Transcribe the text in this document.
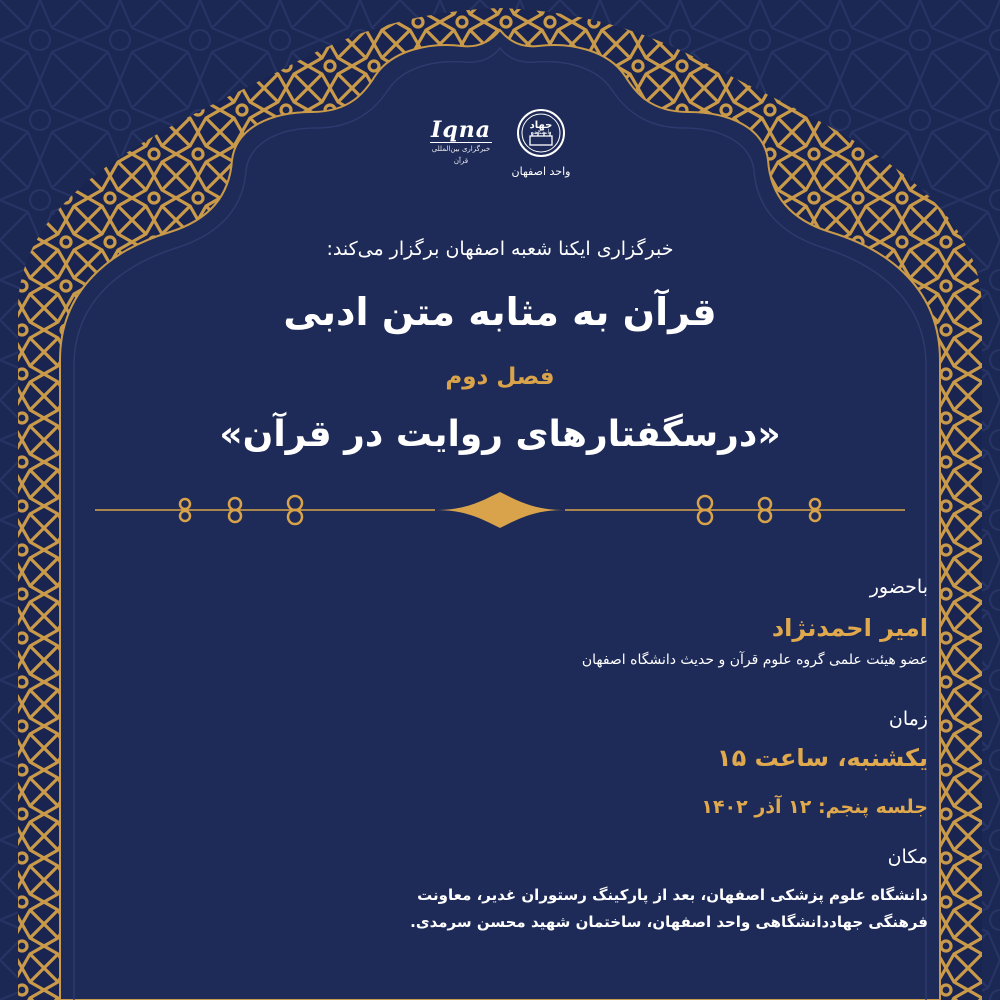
Iqna
خبرگزاری بین‌المللی قرآن
جهاد
دانشگاهی
واحد اصفهان
خبرگزاری ایکنا شعبه اصفهان برگزار می‌کند:
قرآن به مثابه متن ادبی
فصل دوم
«درسگفتارهای روایت در قرآن»
باحضور
امیر احمدنژاد
عضو هیئت علمی گروه علوم قرآن و حدیث دانشگاه اصفهان
زمان
یکشنبه، ساعت ۱۵
جلسه پنجم: ۱۲ آذر ۱۴۰۲
مکان
دانشگاه علوم پزشکی اصفهان، بعد از پارکینگ رستوران غدیر، معاونت فرهنگی جهاددانشگاهی واحد اصفهان، ساختمان شهید محسن سرمدی.
